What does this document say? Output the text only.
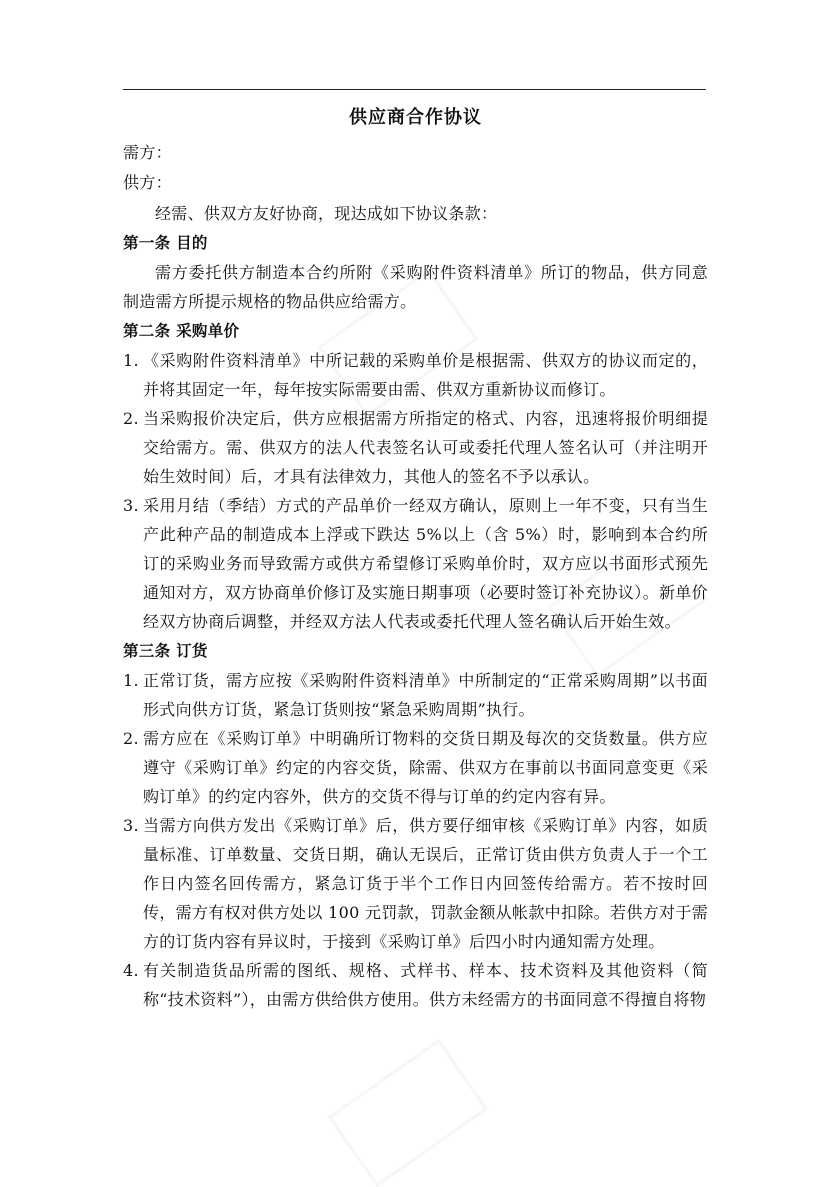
供应商合作协议

需方：

供方：

经需、供双方友好协商，现达成如下协议条款：

第一条 目的

需方委托供方制造本合约所附《采购附件资料清单》所订的物品，供方同意制造需方所提示规格的物品供应给需方。

第二条 采购单价
1. 《采购附件资料清单》中所记载的采购单价是根据需、供双方的协议而定的，并将其固定一年，每年按实际需要由需、供双方重新协议而修订。
2. 当采购报价决定后，供方应根据需方所指定的格式、内容，迅速将报价明细提交给需方。需、供双方的法人代表签名认可或委托代理人签名认可（并注明开始生效时间）后，才具有法律效力，其他人的签名不予以承认。
3. 采用月结（季结）方式的产品单价一经双方确认，原则上一年不变，只有当生产此种产品的制造成本上浮或下跌达 5%以上（含 5%）时，影响到本合约所订的采购业务而导致需方或供方希望修订采购单价时，双方应以书面形式预先通知对方，双方协商单价修订及实施日期事项（必要时签订补充协议）。新单价经双方协商后调整，并经双方法人代表或委托代理人签名确认后开始生效。
第三条 订货
1. 正常订货，需方应按《采购附件资料清单》中所制定的“正常采购周期”以书面形式向供方订货，紧急订货则按“紧急采购周期”执行。
2. 需方应在《采购订单》中明确所订物料的交货日期及每次的交货数量。供方应遵守《采购订单》约定的内容交货，除需、供双方在事前以书面同意变更《采购订单》的约定内容外，供方的交货不得与订单的约定内容有异。
3. 当需方向供方发出《采购订单》后，供方要仔细审核《采购订单》内容，如质量标准、订单数量、交货日期，确认无误后，正常订货由供方负责人于一个工作日内签名回传需方，紧急订货于半个工作日内回签传给需方。若不按时回传，需方有权对供方处以 100 元罚款，罚款金额从帐款中扣除。若供方对于需方的订货内容有异议时，于接到《采购订单》后四小时内通知需方处理。
4. 有关制造货品所需的图纸、规格、式样书、样本、技术资料及其他资料（简称“技术资料”），由需方供给供方使用。供方未经需方的书面同意不得擅自将物
